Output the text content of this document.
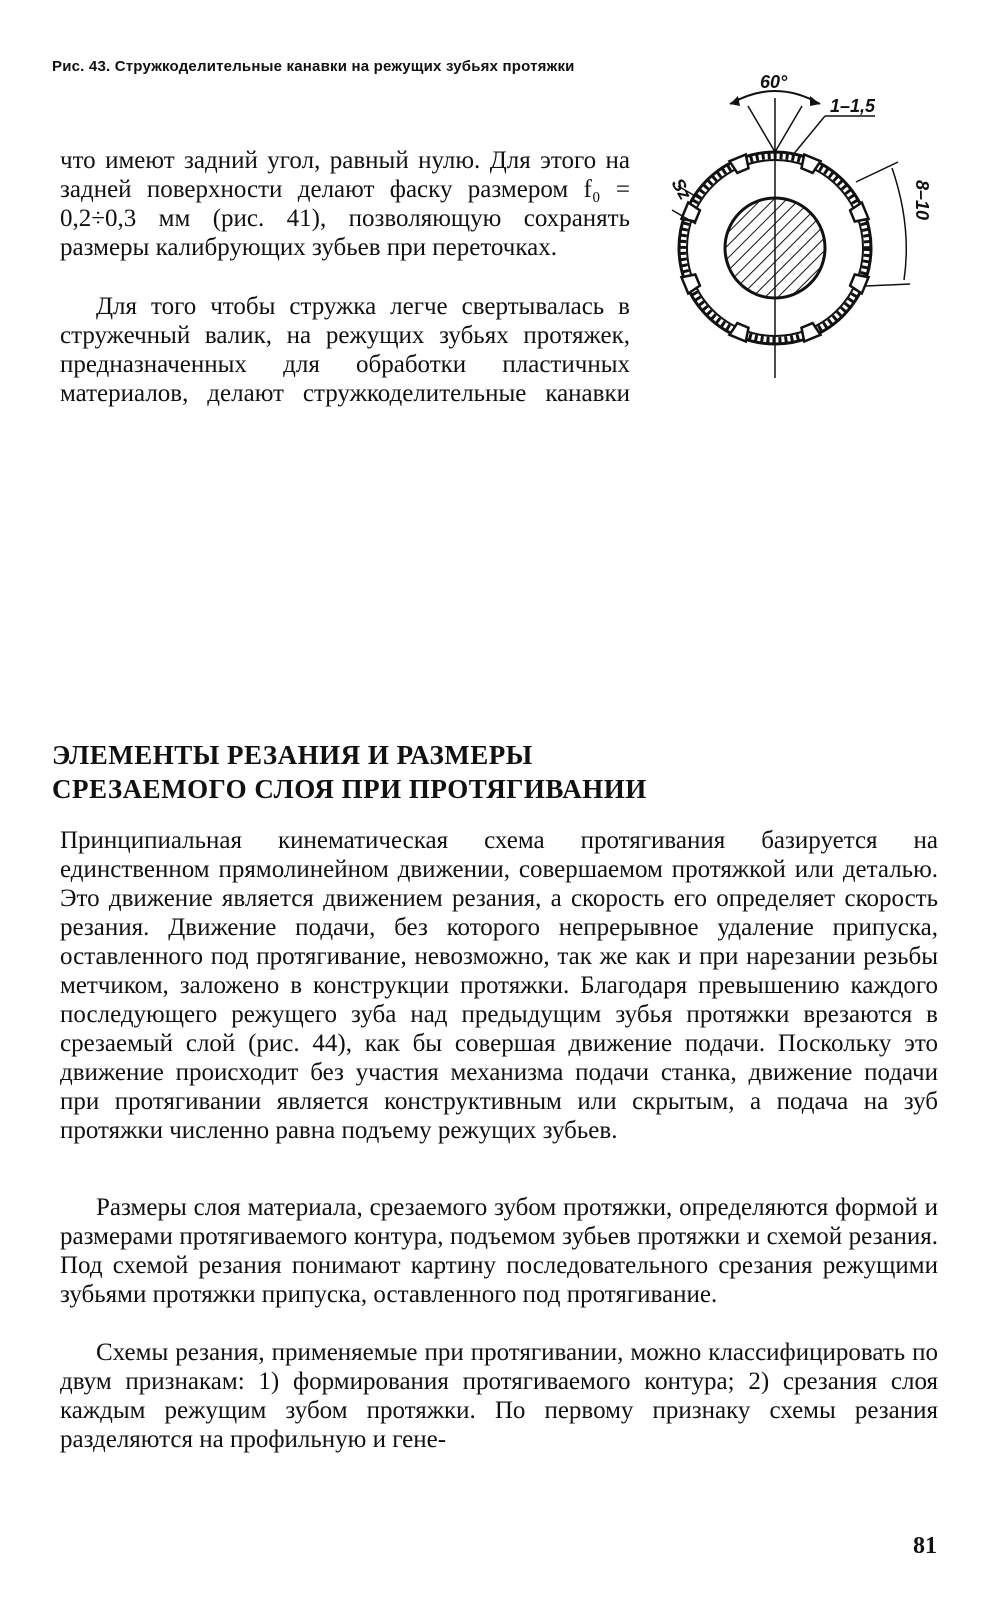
Рис. 43. Стружкоделительные канавки на режущих зубьях протяжки
60°
1–1,5
Sz	8–10

что имеют задний угол, равный нулю. Для этого на задней поверхности делают фаску размером f₀ = 0,2÷0,3 мм (рис. 41), позволяющую сохранять размеры калибрующих зубьев при переточках.

Для того чтобы стружка легче свертывалась в стружечный валик, на режущих зубьях протяжек, предназначенных для обработки пластичных материалов, делают стружкоделительные канавки

ЭЛЕМЕНТЫ РЕЗАНИЯ И РАЗМЕРЫ
СРЕЗАЕМОГО СЛОЯ ПРИ ПРОТЯГИВАНИИ

Принципиальная кинематическая схема протягивания базируется на единственном прямолинейном движении, совершаемом протяжкой или деталью. Это движение является движением резания, а скорость его определяет скорость резания. Движение подачи, без которого непрерывное удаление припуска, оставленного под протягивание, невозможно, так же как и при нарезании резьбы метчиком, заложено в конструкции протяжки. Благодаря превышению каждого последующего режущего зуба над предыдущим зубья протяжки врезаются в срезаемый слой (рис. 44), как бы совершая движение подачи. Поскольку это движение происходит без участия механизма подачи станка, движение подачи при протягивании является конструктивным или скрытым, а подача на зуб протяжки численно равна подъему режущих зубьев.

Размеры слоя материала, срезаемого зубом протяжки, определяются формой и размерами протягиваемого контура, подъемом зубьев протяжки и схемой резания. Под схемой резания понимают картину последовательного срезания режущими зубьями протяжки припуска, оставленного под протягивание.

Схемы резания, применяемые при протягивании, можно классифицировать по двум признакам: 1) формирования протягиваемого контура; 2) срезания слоя каждым режущим зубом протяжки. По первому признаку схемы резания разделяются на профильную и гене-

81
